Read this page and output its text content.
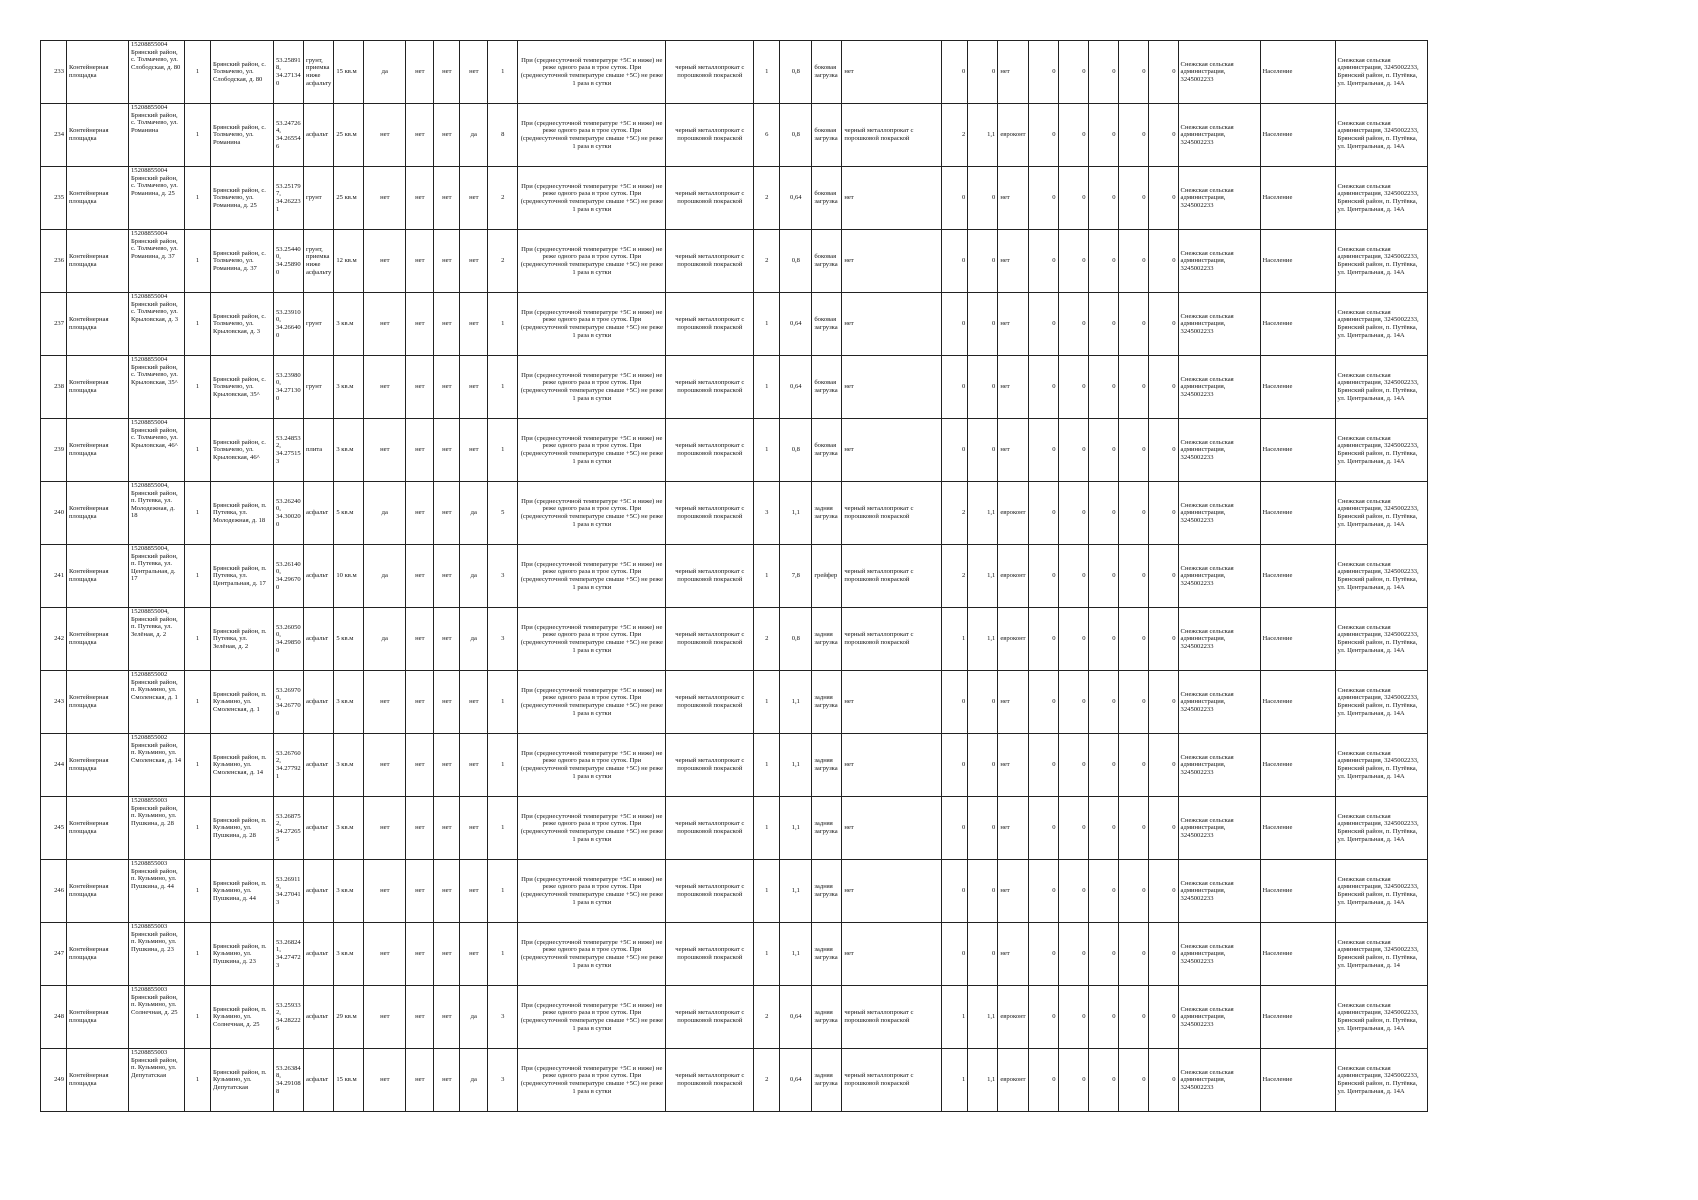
233	Контейнерная площадка	15208855004 Брянский район, с. Толмачево, ул. Слободская, д. 80	1	Брянский район, с. Толмачево, ул. Слободская, д. 80	53.25891 8, 34.27134 0	грунт, приемка ниже асфальту	15 кв.м	да	нет	нет	нет	1	При (среднесуточной температуре +5С и ниже) не реже одного раза в трое суток. При (среднесуточной температуре свыше +5С) не реже 1 раза в сутки	черный металлопрокат с порошковой покраской	1	0,8	боковая загрузка	нет	0	0	нет	0	0	0	0	0	Снежская сельская администрация, 3245002233	Население	Снежская сельская администрация, 3245002233, Брянский район, п. Путёвка, ул. Центральная, д. 14А
234	Контейнерная площадка	15208855004 Брянский район, с. Толмачево, ул. Романина	1	Брянский район, с. Толмачево, ул. Романина	53.24726 4, 34.26554 6	асфальт	25 кв.м	нет	нет	нет	да	8	При (среднесуточной температуре +5С и ниже) не реже одного раза в трое суток. При (среднесуточной температуре свыше +5С) не реже 1 раза в сутки	черный металлопрокат с порошковой покраской	6	0,8	боковая загрузка	черный металлопрокат с порошковой покраской	2	1,1	евроконт	0	0	0	0	0	Снежская сельская администрация, 3245002233	Население	Снежская сельская администрация, 3245002233, Брянский район, п. Путёвка, ул. Центральная, д. 14А
235	Контейнерная площадка	15208855004 Брянский район, с. Толмачево, ул. Романина, д. 25	1	Брянский район, с. Толмачево, ул. Романина, д. 25	53.25179 7, 34.26223 1	грунт	25 кв.м	нет	нет	нет	нет	2	При (среднесуточной температуре +5С и ниже) не реже одного раза в трое суток. При (среднесуточной температуре свыше +5С) не реже 1 раза в сутки	черный металлопрокат с порошковой покраской	2	0,64	боковая загрузка	нет	0	0	нет	0	0	0	0	0	Снежская сельская администрация, 3245002233	Население	Снежская сельская администрация, 3245002233, Брянский район, п. Путёвка, ул. Центральная, д. 14А
236	Контейнерная площадка	15208855004 Брянский район, с. Толмачево, ул. Романина, д. 37	1	Брянский район, с. Толмачево, ул. Романина, д. 37	53.25440 0, 34.25890 0	грунт, приемка ниже асфальту	12 кв.м	нет	нет	нет	нет	2	При (среднесуточной температуре +5С и ниже) не реже одного раза в трое суток. При (среднесуточной температуре свыше +5С) не реже 1 раза в сутки	черный металлопрокат с порошковой покраской	2	0,8	боковая загрузка	нет	0	0	нет	0	0	0	0	0	Снежская сельская администрация, 3245002233	Население	Снежская сельская администрация, 3245002233, Брянский район, п. Путёвка, ул. Центральная, д. 14А
237	Контейнерная площадка	15208855004 Брянский район, с. Толмачево, ул. Крыловская, д. 3	1	Брянский район, с. Толмачево, ул. Крыловская, д. 3	53.23910 0, 34.26640 0	грунт	3 кв.м	нет	нет	нет	нет	1	При (среднесуточной температуре +5С и ниже) не реже одного раза в трое суток. При (среднесуточной температуре свыше +5С) не реже 1 раза в сутки	черный металлопрокат с порошковой покраской	1	0,64	боковая загрузка	нет	0	0	нет	0	0	0	0	0	Снежская сельская администрация, 3245002233	Население	Снежская сельская администрация, 3245002233, Брянский район, п. Путёвка, ул. Центральная, д. 14А
238	Контейнерная площадка	15208855004 Брянский район, с. Толмачево, ул. Крыловская, 35^	1	Брянский район, с. Толмачево, ул. Крыловская, 35^	53.23980 0, 34.27130 0	грунт	3 кв.м	нет	нет	нет	нет	1	При (среднесуточной температуре +5С и ниже) не реже одного раза в трое суток. При (среднесуточной температуре свыше +5С) не реже 1 раза в сутки	черный металлопрокат с порошковой покраской	1	0,64	боковая загрузка	нет	0	0	нет	0	0	0	0	0	Снежская сельская администрация, 3245002233	Население	Снежская сельская администрация, 3245002233, Брянский район, п. Путёвка, ул. Центральная, д. 14А
239	Контейнерная площадка	15208855004 Брянский район, с. Толмачево, ул. Крыловская, 46^	1	Брянский район, с. Толмачево, ул. Крыловская, 46^	53.24853 2, 34.27515 3	плита	3 кв.м	нет	нет	нет	нет	1	При (среднесуточной температуре +5С и ниже) не реже одного раза в трое суток. При (среднесуточной температуре свыше +5С) не реже 1 раза в сутки	черный металлопрокат с порошковой покраской	1	0,8	боковая загрузка	нет	0	0	нет	0	0	0	0	0	Снежская сельская администрация, 3245002233	Население	Снежская сельская администрация, 3245002233, Брянский район, п. Путёвка, ул. Центральная, д. 14А
240	Контейнерная площадка	15208855004, Брянский район, п. Путевка, ул. Молодежная, д. 18	1	Брянский район, п. Путевка, ул. Молодежная, д. 18	53.26240 0, 34.30020 0	асфальт	5 кв.м	да	нет	нет	да	5	При (среднесуточной температуре +5С и ниже) не реже одного раза в трое суток. При (среднесуточной температуре свыше +5С) не реже 1 раза в сутки	черный металлопрокат с порошковой покраской	3	1,1	задняя загрузка	черный металлопрокат с порошковой покраской	2	1,1	евроконт	0	0	0	0	0	Снежская сельская администрация, 3245002233	Население	Снежская сельская администрация, 3245002233, Брянский район, п. Путёвка, ул. Центральная, д. 14А
241	Контейнерная площадка	15208855004, Брянский район, п. Путевка, ул. Центральная, д. 17	1	Брянский район, п. Путевка, ул. Центральная, д. 17	53.26140 0, 34.29670 0	асфальт	10 кв.м	да	нет	нет	да	3	При (среднесуточной температуре +5С и ниже) не реже одного раза в трое суток. При (среднесуточной температуре свыше +5С) не реже 1 раза в сутки	черный металлопрокат с порошковой покраской	1	7,8	грейфер	черный металлопрокат с порошковой покраской	2	1,1	евроконт	0	0	0	0	0	Снежская сельская администрация, 3245002233	Население	Снежская сельская администрация, 3245002233, Брянский район, п. Путёвка, ул. Центральная, д. 14А
242	Контейнерная площадка	15208855004, Брянский район, п. Путевка, ул. Зелёная, д. 2	1	Брянский район, п. Путевка, ул. Зелёная, д. 2	53.26050 0, 34.29850 0	асфальт	5 кв.м	да	нет	нет	да	3	При (среднесуточной температуре +5С и ниже) не реже одного раза в трое суток. При (среднесуточной температуре свыше +5С) не реже 1 раза в сутки	черный металлопрокат с порошковой покраской	2	0,8	задняя загрузка	черный металлопрокат с порошковой покраской	1	1,1	евроконт	0	0	0	0	0	Снежская сельская администрация, 3245002233	Население	Снежская сельская администрация, 3245002233, Брянский район, п. Путёвка, ул. Центральная, д. 14А
243	Контейнерная площадка	15208855002 Брянский район, п. Кузьмино, ул. Смоленская, д. 1	1	Брянский район, п. Кузьмино, ул. Смоленская, д. 1	53.26970 0, 34.26770 0	асфальт	3 кв.м	нет	нет	нет	нет	1	При (среднесуточной температуре +5С и ниже) не реже одного раза в трое суток. При (среднесуточной температуре свыше +5С) не реже 1 раза в сутки	черный металлопрокат с порошковой покраской	1	1,1	задняя загрузка	нет	0	0	нет	0	0	0	0	0	Снежская сельская администрация, 3245002233	Население	Снежская сельская администрация, 3245002233, Брянский район, п. Путёвка, ул. Центральная, д. 14А
244	Контейнерная площадка	15208855002 Брянский район, п. Кузьмино, ул. Смоленская, д. 14	1	Брянский район, п. Кузьмино, ул. Смоленская, д. 14	53.26760 2, 34.27792 1	асфальт	3 кв.м	нет	нет	нет	нет	1	При (среднесуточной температуре +5С и ниже) не реже одного раза в трое суток. При (среднесуточной температуре свыше +5С) не реже 1 раза в сутки	черный металлопрокат с порошковой покраской	1	1,1	задняя загрузка	нет	0	0	нет	0	0	0	0	0	Снежская сельская администрация, 3245002233	Население	Снежская сельская администрация, 3245002233, Брянский район, п. Путёвка, ул. Центральная, д. 14А
245	Контейнерная площадка	15208855003 Брянский район, п. Кузьмино, ул. Пушкина, д. 28	1	Брянский район, п. Кузьмино, ул. Пушкина, д. 28	53.26875 2, 34.27265 5	асфальт	3 кв.м	нет	нет	нет	нет	1	При (среднесуточной температуре +5С и ниже) не реже одного раза в трое суток. При (среднесуточной температуре свыше +5С) не реже 1 раза в сутки	черный металлопрокат с порошковой покраской	1	1,1	задняя загрузка	нет	0	0	нет	0	0	0	0	0	Снежская сельская администрация, 3245002233	Население	Снежская сельская администрация, 3245002233, Брянский район, п. Путёвка, ул. Центральная, д. 14А
246	Контейнерная площадка	15208855003 Брянский район, п. Кузьмино, ул. Пушкина, д. 44	1	Брянский район, п. Кузьмино, ул. Пушкина, д. 44	53.26911 9, 34.27041 3	асфальт	3 кв.м	нет	нет	нет	нет	1	При (среднесуточной температуре +5С и ниже) не реже одного раза в трое суток. При (среднесуточной температуре свыше +5С) не реже 1 раза в сутки	черный металлопрокат с порошковой покраской	1	1,1	задняя загрузка	нет	0	0	нет	0	0	0	0	0	Снежская сельская администрация, 3245002233	Население	Снежская сельская администрация, 3245002233, Брянский район, п. Путёвка, ул. Центральная, д. 14А
247	Контейнерная площадка	15208855003 Брянский район, п. Кузьмино, ул. Пушкина, д. 23	1	Брянский район, п. Кузьмино, ул. Пушкина, д. 23	53.26824 1, 34.27472 3	асфальт	3 кв.м	нет	нет	нет	нет	1	При (среднесуточной температуре +5С и ниже) не реже одного раза в трое суток. При (среднесуточной температуре свыше +5С) не реже 1 раза в сутки	черный металлопрокат с порошковой покраской	1	1,1	задняя загрузка	нет	0	0	нет	0	0	0	0	0	Снежская сельская администрация, 3245002233	Население	Снежская сельская администрация, 3245002233, Брянский район, п. Путёвка, ул. Центральная, д. 14
248	Контейнерная площадка	15208855003 Брянский район, п. Кузьмино, ул. Солнечная, д. 25	1	Брянский район, п. Кузьмино, ул. Солнечная, д. 25	53.25933 2, 34.28222 6	асфальт	29 кв.м	нет	нет	нет	да	3	При (среднесуточной температуре +5С и ниже) не реже одного раза в трое суток. При (среднесуточной температуре свыше +5С) не реже 1 раза в сутки	черный металлопрокат с порошковой покраской	2	0,64	задняя загрузка	черный металлопрокат с порошковой покраской	1	1,1	евроконт	0	0	0	0	0	Снежская сельская администрация, 3245002233	Население	Снежская сельская администрация, 3245002233, Брянский район, п. Путёвка, ул. Центральная, д. 14А
249	Контейнерная площадка	15208855003 Брянский район, п. Кузьмино, ул. Депутатская	1	Брянский район, п. Кузьмино, ул. Депутатская	53.26384 8, 34.29108 8	асфальт	15 кв.м	нет	нет	нет	да	3	При (среднесуточной температуре +5С и ниже) не реже одного раза в трое суток. При (среднесуточной температуре свыше +5С) не реже 1 раза в сутки	черный металлопрокат с порошковой покраской	2	0,64	задняя загрузка	черный металлопрокат с порошковой покраской	1	1,1	евроконт	0	0	0	0	0	Снежская сельская администрация, 3245002233	Население	Снежская сельская администрация, 3245002233, Брянский район, п. Путёвка, ул. Центральная, д. 14А
